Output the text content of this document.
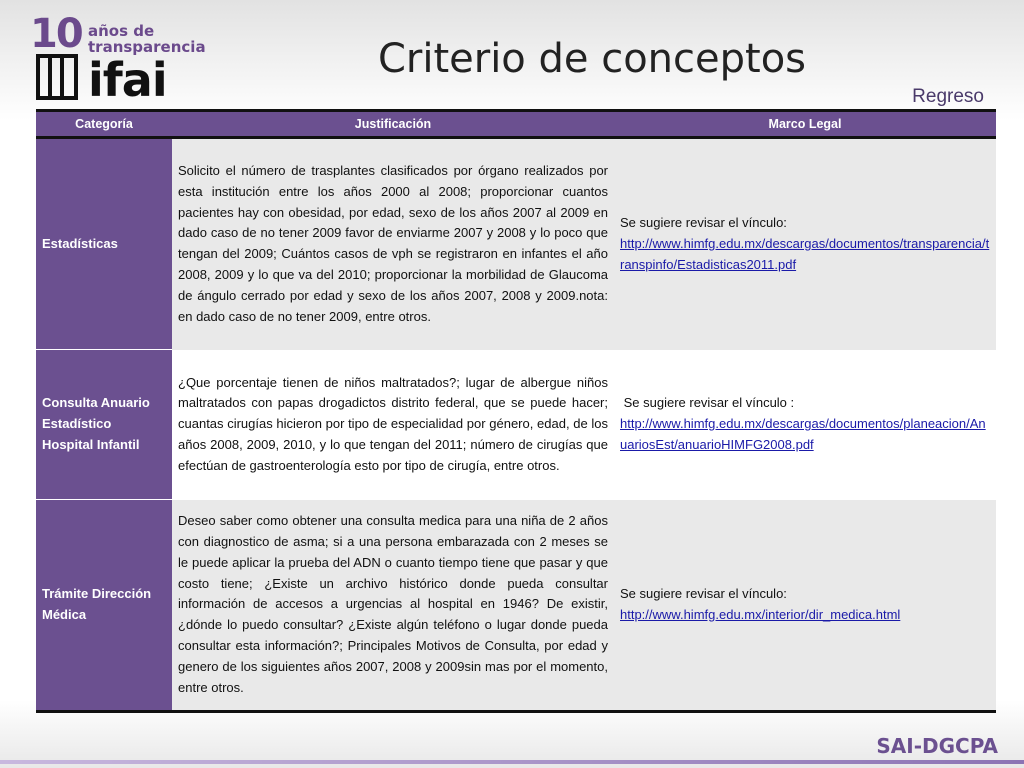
10 años de transparencia
ifai	Criterio de conceptos
Regreso
Categoría	Justificación	Marco Legal
Estadísticas	Solicito el número de trasplantes clasificados por órgano realizados por esta institución entre los años 2000 al 2008; proporcionar cuantos pacientes hay con obesidad, por edad, sexo de los años 2007 al 2009 en dado caso de no tener 2009 favor de enviarme 2007 y 2008 y lo poco que tengan del 2009; Cuántos casos de vph se registraron en infantes el año 2008, 2009 y lo que va del 2010; proporcionar la morbilidad de Glaucoma de ángulo cerrado por edad y sexo de los años 2007, 2008 y 2009.nota: en dado caso de no tener 2009, entre otros.	Se sugiere revisar el vínculo:
http://www.himfg.edu.mx/descargas/documentos/transparencia/transpinfo/Estadisticas2011.pdf
Consulta Anuario Estadístico Hospital Infantil	¿Que porcentaje tienen de niños maltratados?; lugar de albergue niños maltratados con papas drogadictos distrito federal, que se puede hacer; cuantas cirugías hicieron por tipo de especialidad por género, edad, de los años 2008, 2009, 2010, y lo que tengan del 2011; número de cirugías que efectúan de gastroenterología esto por tipo de cirugía, entre otros.	Se sugiere revisar el vínculo :
http://www.himfg.edu.mx/descargas/documentos/planeacion/AnuariosEst/anuarioHIMFG2008.pdf
Trámite Dirección Médica	Deseo saber como obtener una consulta medica para una niña de 2 años con diagnostico de asma; si a una persona embarazada con 2 meses se le puede aplicar la prueba del ADN o cuanto tiempo tiene que pasar y que costo tiene; ¿Existe un archivo histórico donde pueda consultar información de accesos a urgencias al hospital en 1946? De existir, ¿dónde lo puedo consultar? ¿Existe algún teléfono o lugar donde pueda consultar esta información?; Principales Motivos de Consulta, por edad y genero de los siguientes años 2007, 2008 y 2009sin mas por el momento, entre otros.	Se sugiere revisar el vínculo:
http://www.himfg.edu.mx/interior/dir_medica.html
SAI-DGCPA
